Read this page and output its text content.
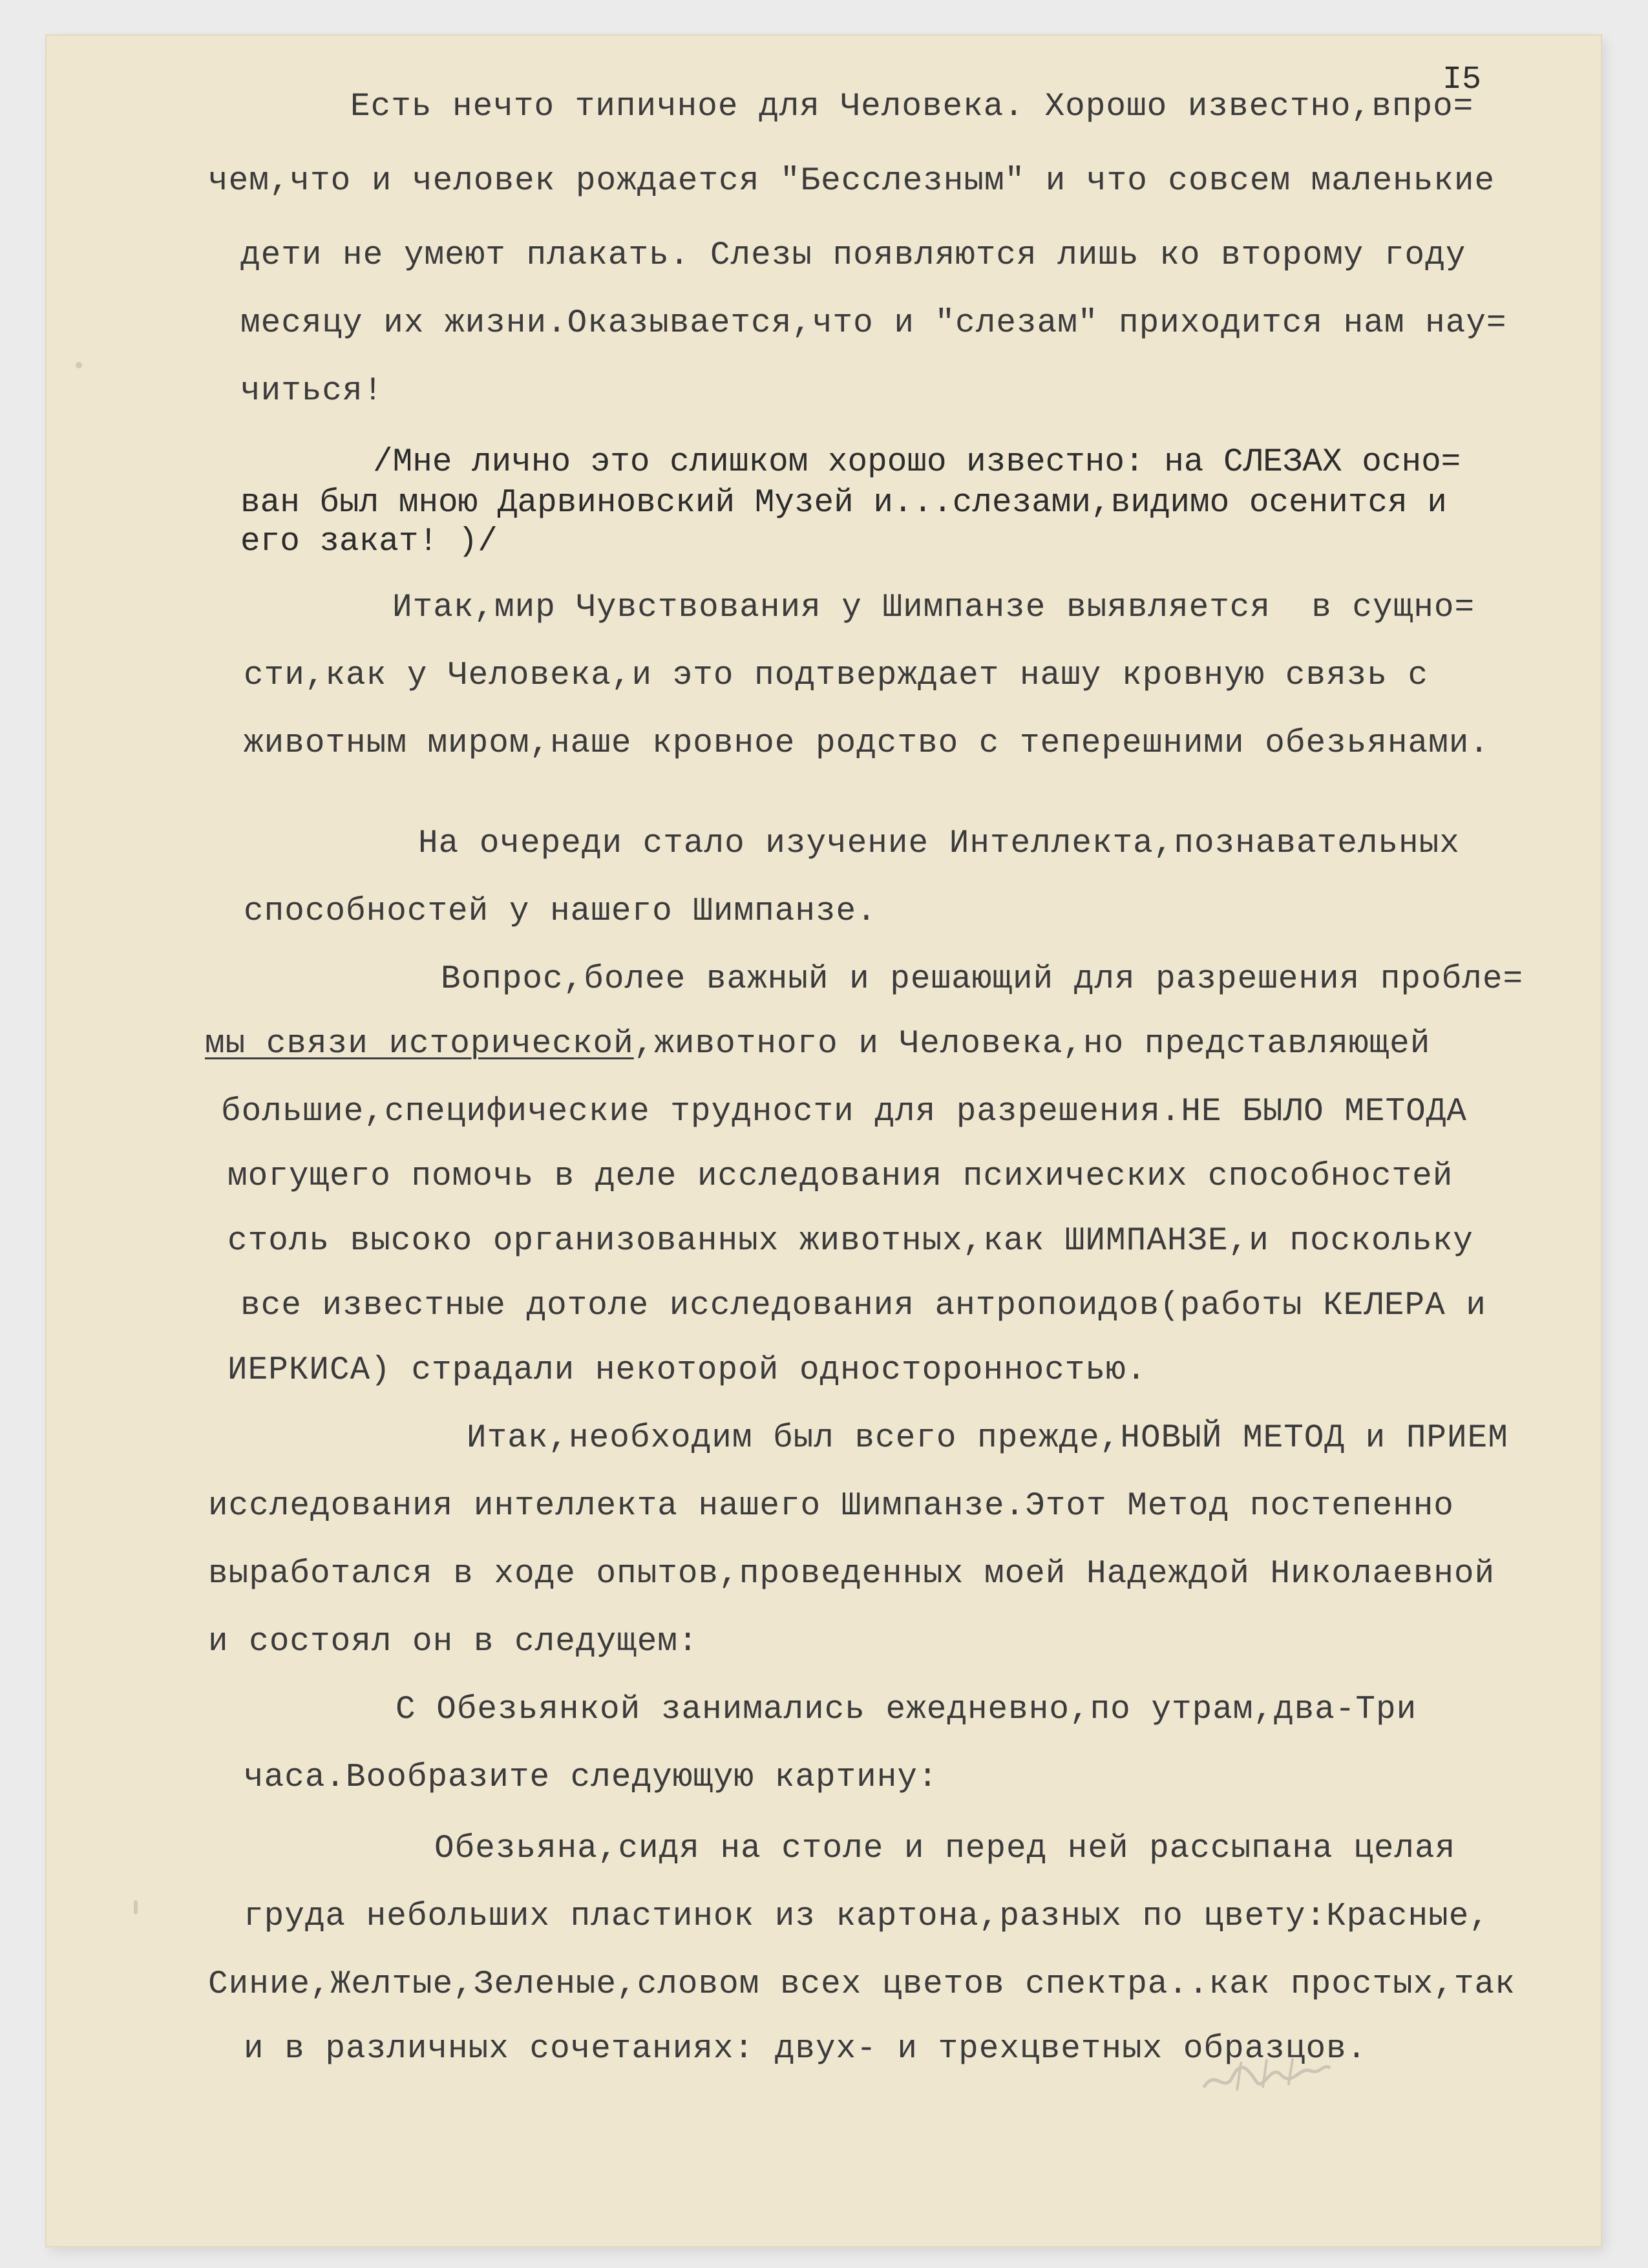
I5
Есть нечто типичное для Человека. Хорошо известно,впро=
чем,что и человек рождается "Бесслезным" и что совсем маленькие
дети не умеют плакать. Слезы появляются лишь ко второму году
месяцу их жизни.Оказывается,что и "слезам" приходится нам нау=
читься!
/Мне лично это слишком хорошо известно: на СЛЕЗАХ осно=
ван был мною Дарвиновский Музей и...слезами,видимо осенится и
его закат! )/
Итак,мир Чувствования у Шимпанзе выявляется  в сущно=
сти,как у Человека,и это подтверждает нашу кровную связь с
животным миром,наше кровное родство с теперешними обезьянами.
На очереди стало изучение Интеллекта,познавательных
способностей у нашего Шимпанзе.
Вопрос,более важный и решающий для разрешения пробле=
мы связи исторической,животного и Человека,но представляющей
большие,специфические трудности для разрешения.НЕ БЫЛО МЕТОДА
могущего помочь в деле исследования психических способностей
столь высоко организованных животных,как ШИМПАНЗЕ,и поскольку
все известные дотоле исследования антропоидов(работы КЕЛЕРА и
ИЕРКИСА) страдали некоторой односторонностью.
Итак,необходим был всего прежде,НОВЫЙ МЕТОД и ПРИЕМ
исследования интеллекта нашего Шимпанзе.Этот Метод постепенно
выработался в ходе опытов,проведенных моей Надеждой Николаевной
и состоял он в следущем:
С Обезьянкой занимались ежедневно,по утрам,два-Три
часа.Вообразите следующую картину:
Обезьяна,сидя на столе и перед ней рассыпана целая
груда небольших пластинок из картона,разных по цвету:Красные,
Синие,Желтые,Зеленые,словом всех цветов спектра..как простых,так
и в различных сочетаниях: двух- и трехцветных образцов.
